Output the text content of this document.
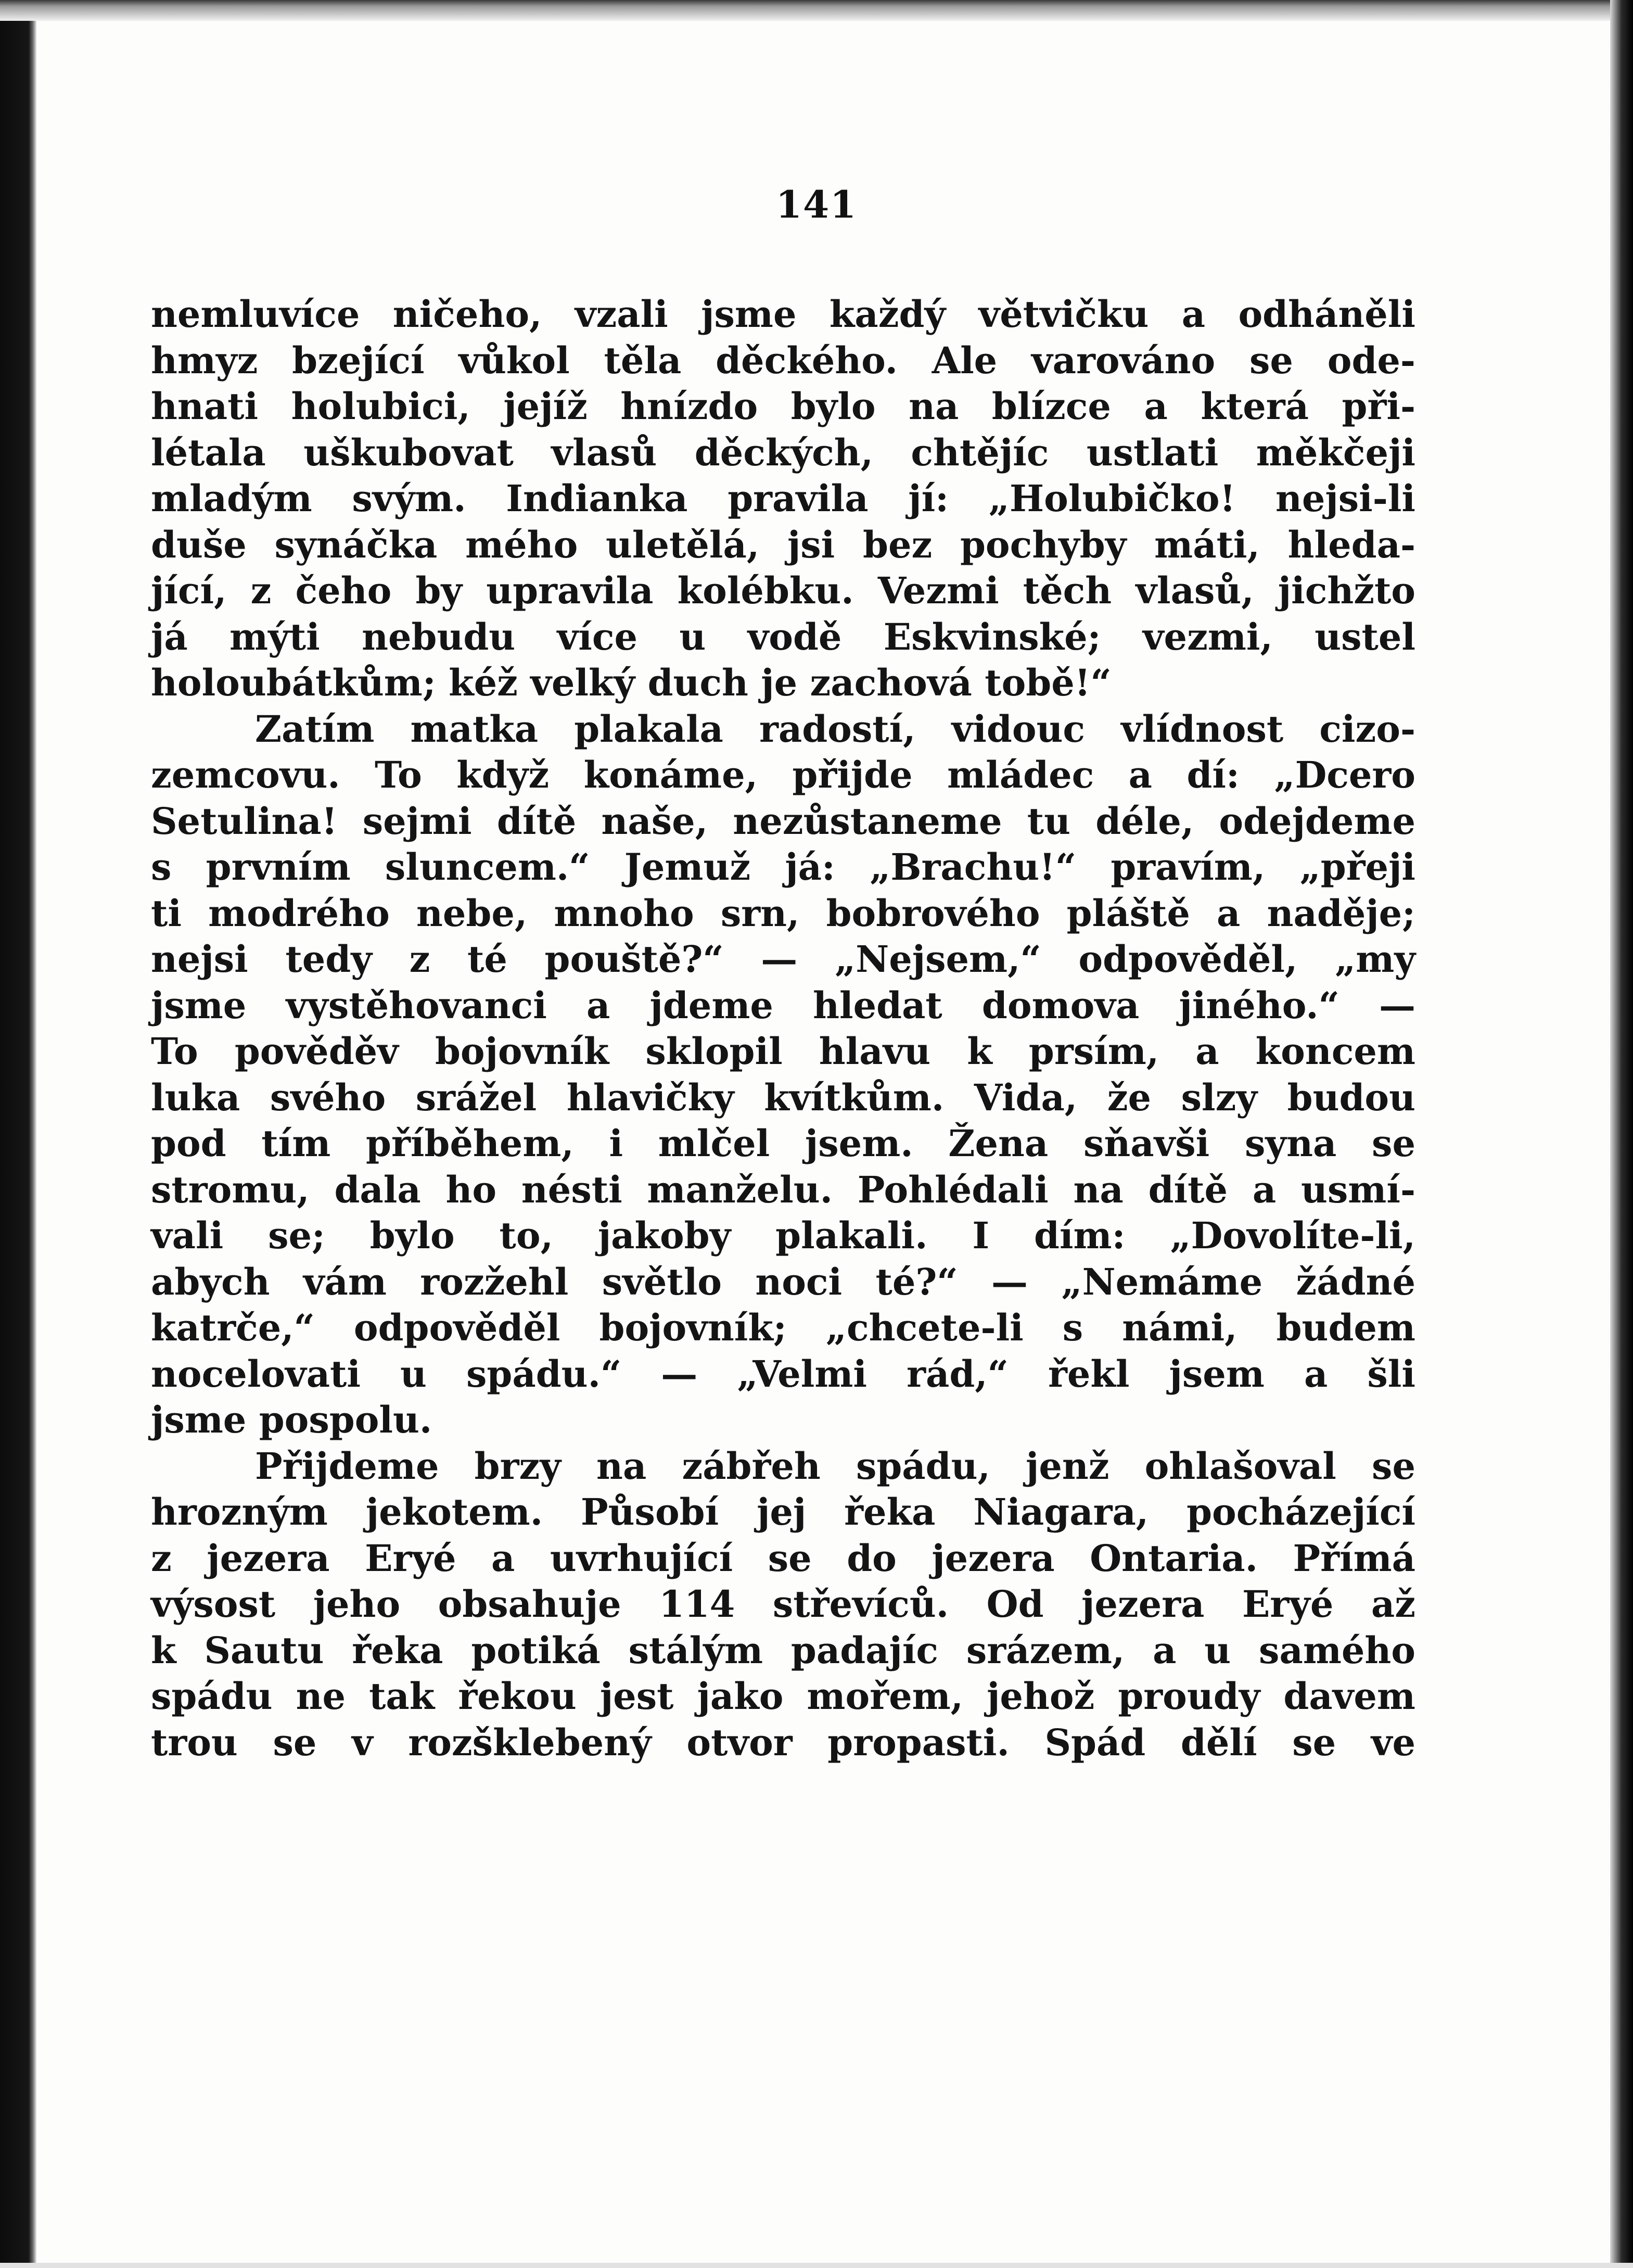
141
nemluvíce ničeho, vzali jsme každý větvičku a odháněli
hmyz bzející vůkol těla děckého. Ale varováno se ode-
hnati holubici, jejíž hnízdo bylo na blízce a která při-
létala uškubovat vlasů děckých, chtějíc ustlati měkčeji
mladým svým. Indianka pravila jí: „Holubičko! nejsi-li
duše synáčka mého uletělá, jsi bez pochyby máti, hleda-
jící, z čeho by upravila kolébku. Vezmi těch vlasů, jichžto
já mýti nebudu více u vodě Eskvinské; vezmi, ustel
holoubátkům; kéž velký duch je zachová tobě!“
Zatím matka plakala radostí, vidouc vlídnost cizo-
zemcovu. To když konáme, přijde mládec a dí: „Dcero
Setulina! sejmi dítě naše, nezůstaneme tu déle, odejdeme
s prvním sluncem.“ Jemuž já: „Brachu!“ pravím, „přeji
ti modrého nebe, mnoho srn, bobrového pláště a naděje;
nejsi tedy z té pouště?“ — „Nejsem,“ odpověděl, „my
jsme vystěhovanci a jdeme hledat domova jiného.“ —
To pověděv bojovník sklopil hlavu k prsím, a koncem
luka svého srážel hlavičky kvítkům. Vida, že slzy budou
pod tím příběhem, i mlčel jsem. Žena sňavši syna se
stromu, dala ho nésti manželu. Pohlédali na dítě a usmí-
vali se; bylo to, jakoby plakali. I dím: „Dovolíte-li,
abych vám rozžehl světlo noci té?“ — „Nemáme žádné
katrče,“ odpověděl bojovník; „chcete-li s námi, budem
nocelovati u spádu.“ — „Velmi rád,“ řekl jsem a šli
jsme pospolu.
Přijdeme brzy na zábřeh spádu, jenž ohlašoval se
hrozným jekotem. Působí jej řeka Niagara, pocházející
z jezera Eryé a uvrhující se do jezera Ontaria. Přímá
výsost jeho obsahuje 114 střevíců. Od jezera Eryé až
k Sautu řeka potiká stálým padajíc srázem, a u samého
spádu ne tak řekou jest jako mořem, jehož proudy davem
trou se v rozšklebený otvor propasti. Spád dělí se ve
